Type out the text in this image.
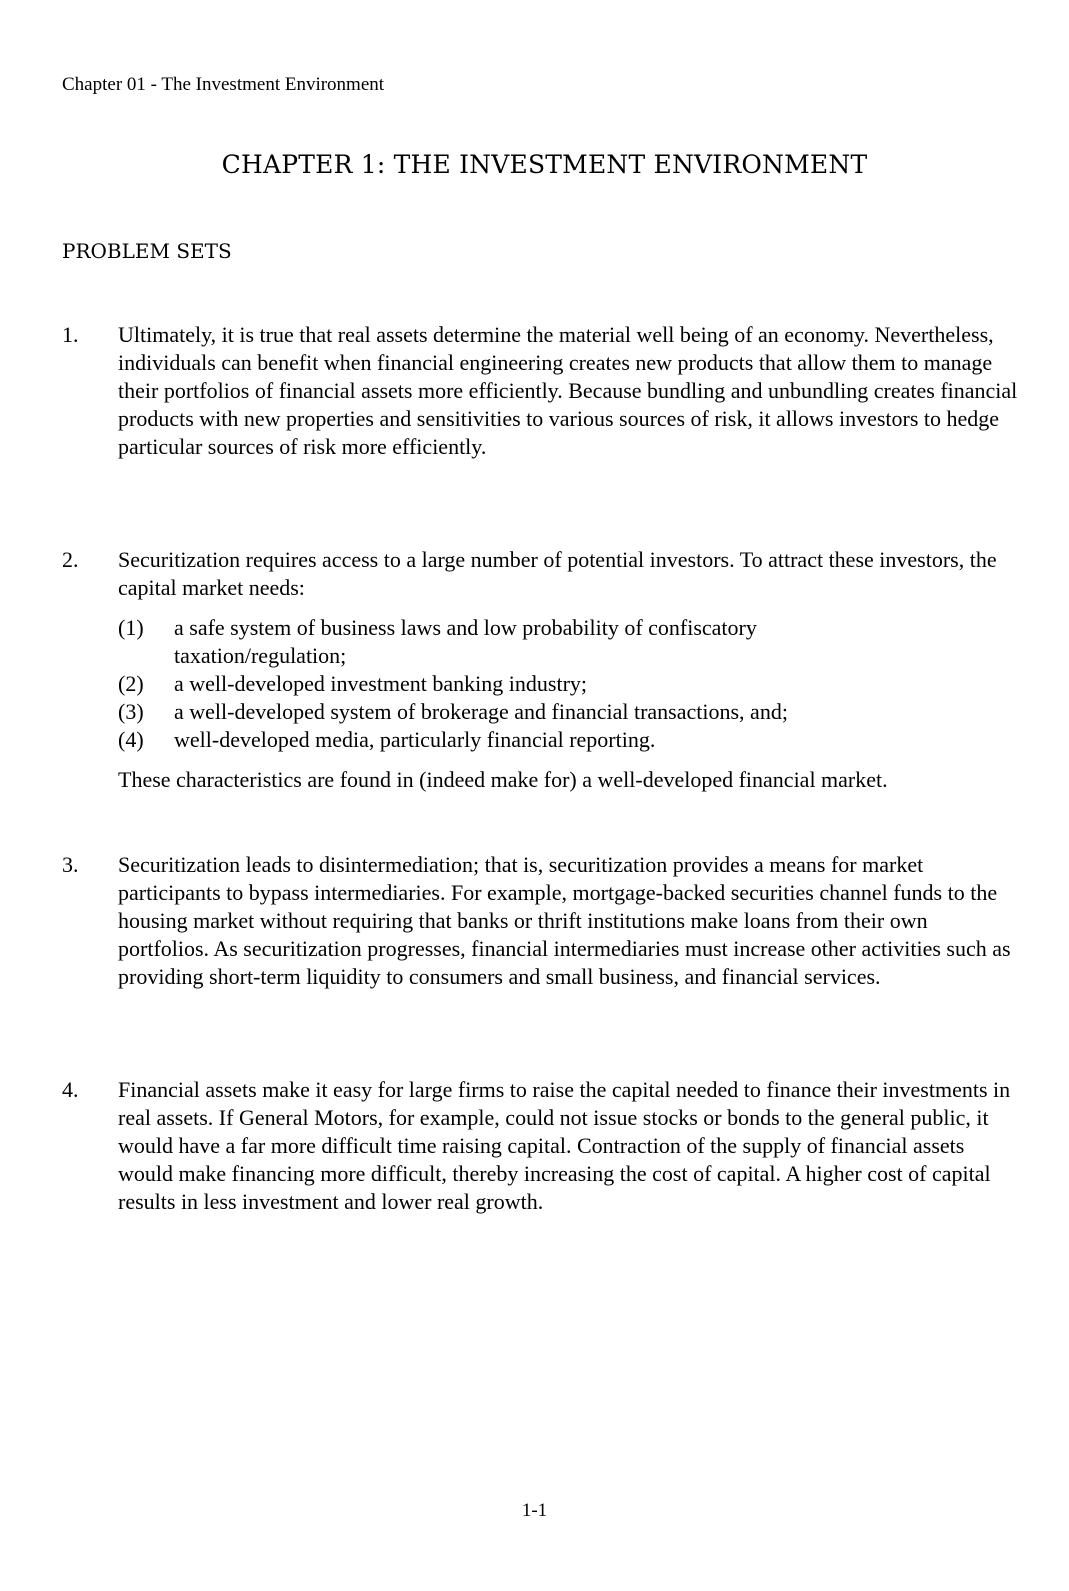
Chapter 01 - The Investment Environment
CHAPTER 1: THE INVESTMENT ENVIRONMENT
PROBLEM SETS
1. Ultimately, it is true that real assets determine the material well being of an economy. Nevertheless, individuals can benefit when financial engineering creates new products that allow them to manage their portfolios of financial assets more efficiently. Because bundling and unbundling creates financial products with new properties and sensitivities to various sources of risk, it allows investors to hedge particular sources of risk more efficiently.

2. Securitization requires access to a large number of potential investors. To attract these investors, the capital market needs:

(1) a safe system of business laws and low probability of confiscatory taxation/regulation;
(2) a well-developed investment banking industry;
(3) a well-developed system of brokerage and financial transactions, and;
(4) well-developed media, particularly financial reporting.

These characteristics are found in (indeed make for) a well-developed financial market.

3. Securitization leads to disintermediation; that is, securitization provides a means for market participants to bypass intermediaries. For example, mortgage-backed securities channel funds to the housing market without requiring that banks or thrift institutions make loans from their own portfolios. As securitization progresses, financial intermediaries must increase other activities such as providing short-term liquidity to consumers and small business, and financial services.

4. Financial assets make it easy for large firms to raise the capital needed to finance their investments in real assets. If General Motors, for example, could not issue stocks or bonds to the general public, it would have a far more difficult time raising capital. Contraction of the supply of financial assets would make financing more difficult, thereby increasing the cost of capital. A higher cost of capital results in less investment and lower real growth.

1-1
